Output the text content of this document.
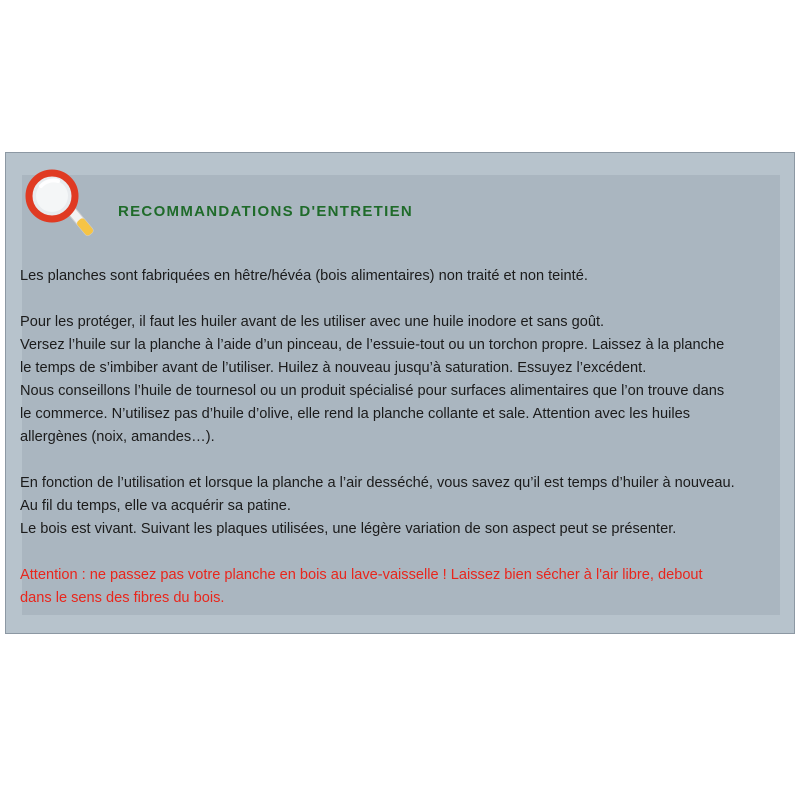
RECOMMANDATIONS D'ENTRETIEN

Les planches sont fabriquées en hêtre/hévéa (bois alimentaires) non traité et non teinté.

Pour les protéger, il faut les huiler avant de les utiliser avec une huile inodore et sans goût.
Versez l’huile sur la planche à l’aide d’un pinceau, de l’essuie-tout ou un torchon propre. Laissez à la planche
le temps de s’imbiber avant de l’utiliser. Huilez à nouveau jusqu’à saturation. Essuyez l’excédent.
Nous conseillons l’huile de tournesol ou un produit spécialisé pour surfaces alimentaires que l’on trouve dans
le commerce. N’utilisez pas d’huile d’olive, elle rend la planche collante et sale. Attention avec les huiles
allergènes (noix, amandes…).

En fonction de l’utilisation et lorsque la planche a l’air desséché, vous savez qu’il est temps d’huiler à nouveau.
Au fil du temps, elle va acquérir sa patine.
Le bois est vivant. Suivant les plaques utilisées, une légère variation de son aspect peut se présenter.

Attention : ne passez pas votre planche en bois au lave-vaisselle ! Laissez bien sécher à l'air libre, debout
dans le sens des fibres du bois.
